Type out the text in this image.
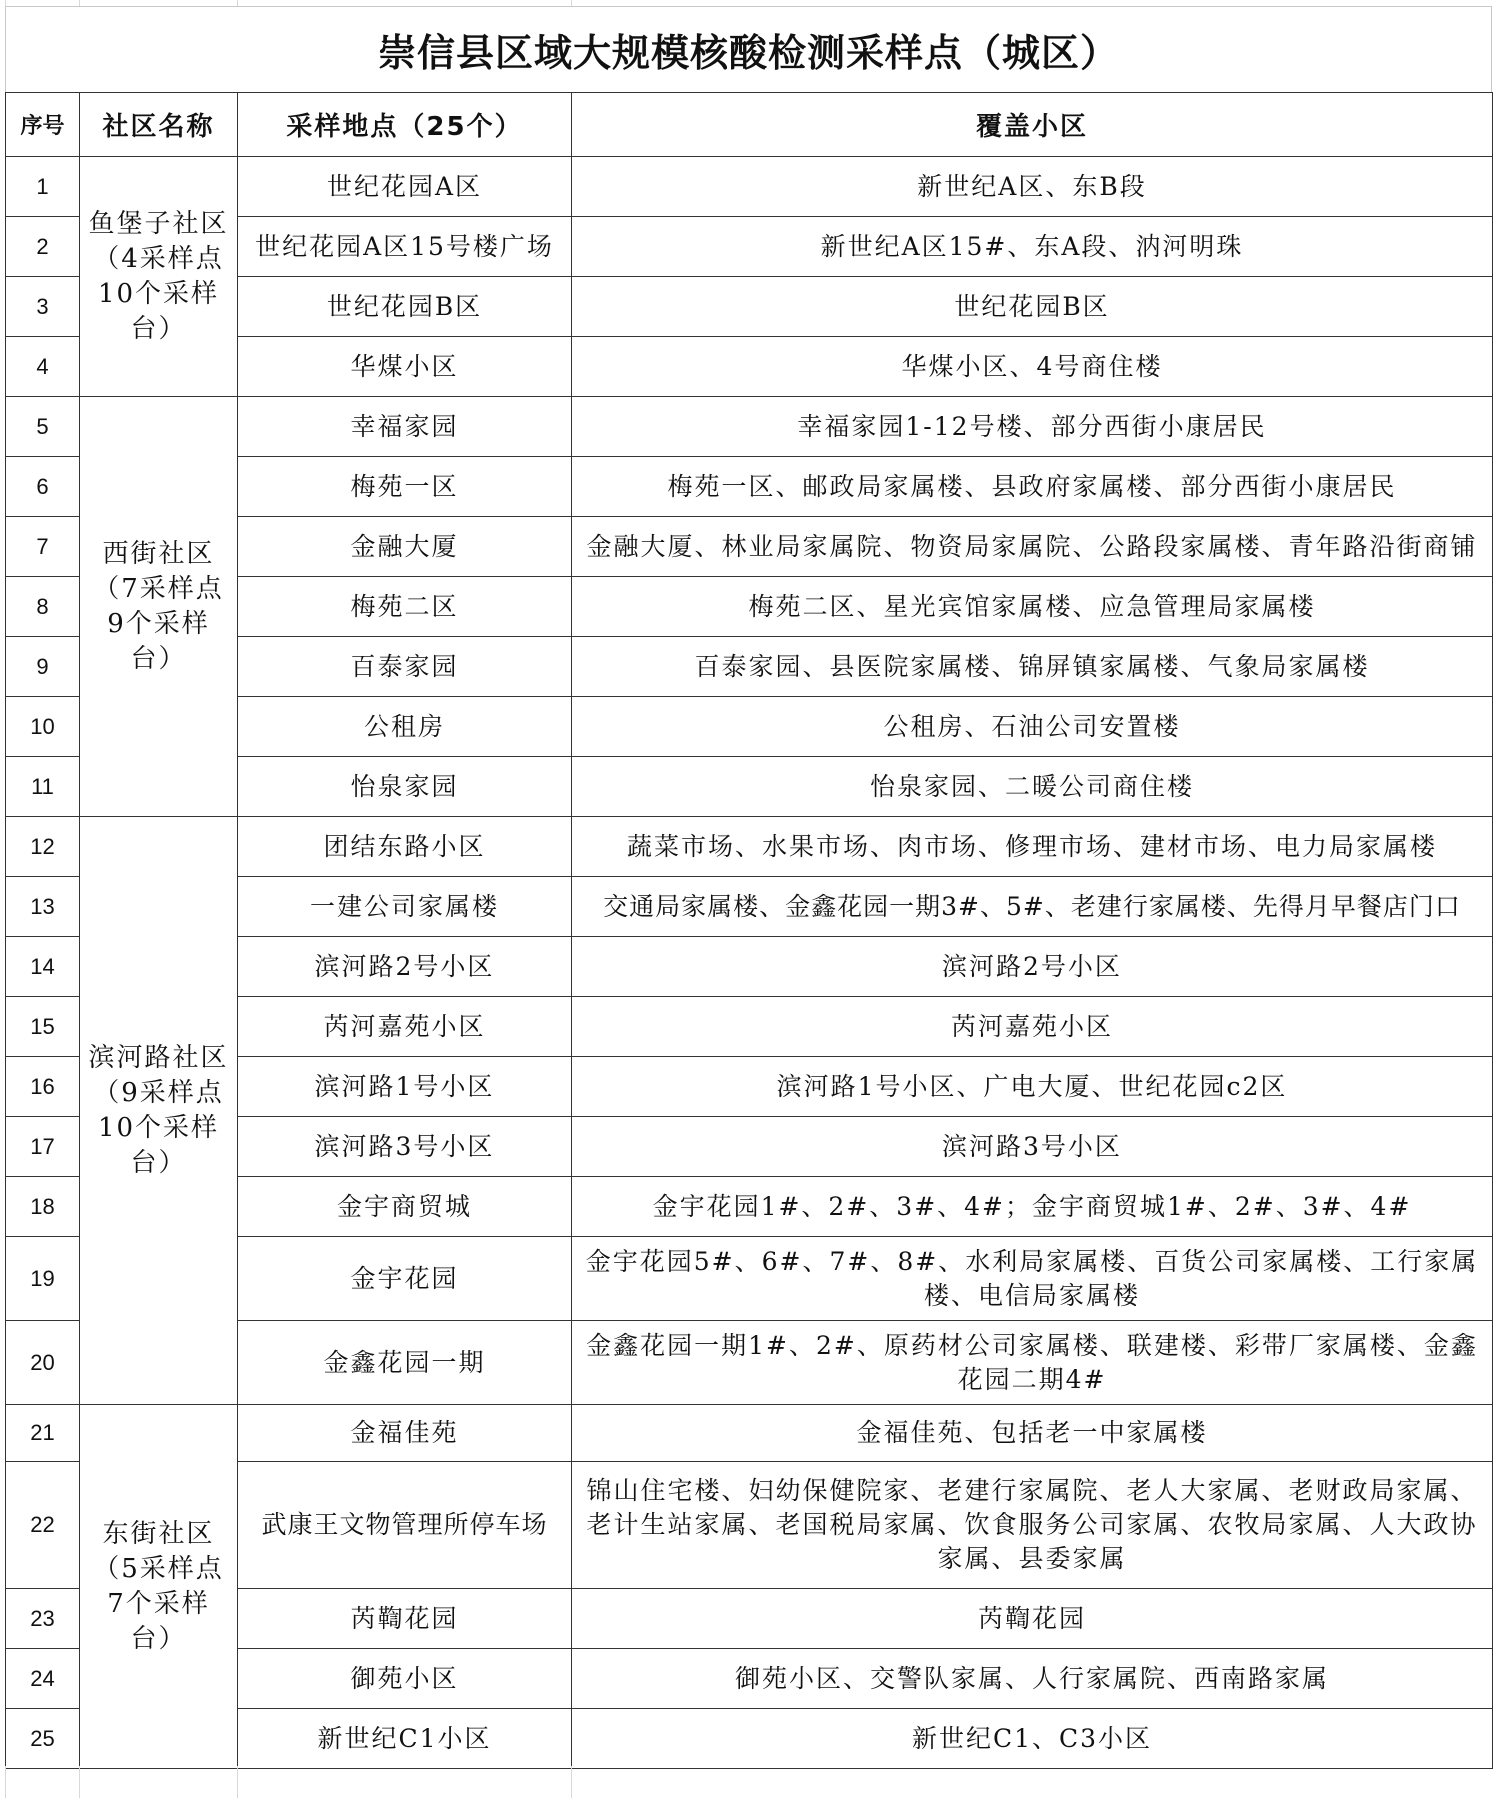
崇信县区域大规模核酸检测采样点（城区）
序号	社区名称	采样地点（25个）	覆盖小区
1	鱼堡子社区（4采样点10个采样台）	世纪花园A区	新世纪A区、东B段
2		世纪花园A区15号楼广场	新世纪A区15#、东A段、汭河明珠
3		世纪花园B区	世纪花园B区
4		华煤小区	华煤小区、4号商住楼
5	西街社区（7采样点9个采样台）	幸福家园	幸福家园1-12号楼、部分西街小康居民
6		梅苑一区	梅苑一区、邮政局家属楼、县政府家属楼、部分西街小康居民
7		金融大厦	金融大厦、林业局家属院、物资局家属院、公路段家属楼、青年路沿街商铺
8		梅苑二区	梅苑二区、星光宾馆家属楼、应急管理局家属楼
9		百泰家园	百泰家园、县医院家属楼、锦屏镇家属楼、气象局家属楼
10		公租房	公租房、石油公司安置楼
11		怡泉家园	怡泉家园、二暖公司商住楼
12	滨河路社区（9采样点10个采样台）	团结东路小区	蔬菜市场、水果市场、肉市场、修理市场、建材市场、电力局家属楼
13		一建公司家属楼	交通局家属楼、金鑫花园一期3#、5#、老建行家属楼、先得月早餐店门口
14		滨河路2号小区	滨河路2号小区
15		芮河嘉苑小区	芮河嘉苑小区
16		滨河路1号小区	滨河路1号小区、广电大厦、世纪花园c2区
17		滨河路3号小区	滨河路3号小区
18		金宇商贸城	金宇花园1#、2#、3#、4#；金宇商贸城1#、2#、3#、4#
19		金宇花园	金宇花园5#、6#、7#、8#、水利局家属楼、百货公司家属楼、工行家属楼、电信局家属楼
20		金鑫花园一期	金鑫花园一期1#、2#、原药材公司家属楼、联建楼、彩带厂家属楼、金鑫花园二期4#
21	东街社区（5采样点7个采样台）	金福佳苑	金福佳苑、包括老一中家属楼
22		武康王文物管理所停车场	锦山住宅楼、妇幼保健院家、老建行家属院、老人大家属、老财政局家属、老计生站家属、老国税局家属、饮食服务公司家属、农牧局家属、人大政协家属、县委家属
23		芮鞫花园	芮鞫花园
24		御苑小区	御苑小区、交警队家属、人行家属院、西南路家属
25		新世纪C1小区	新世纪C1、C3小区
